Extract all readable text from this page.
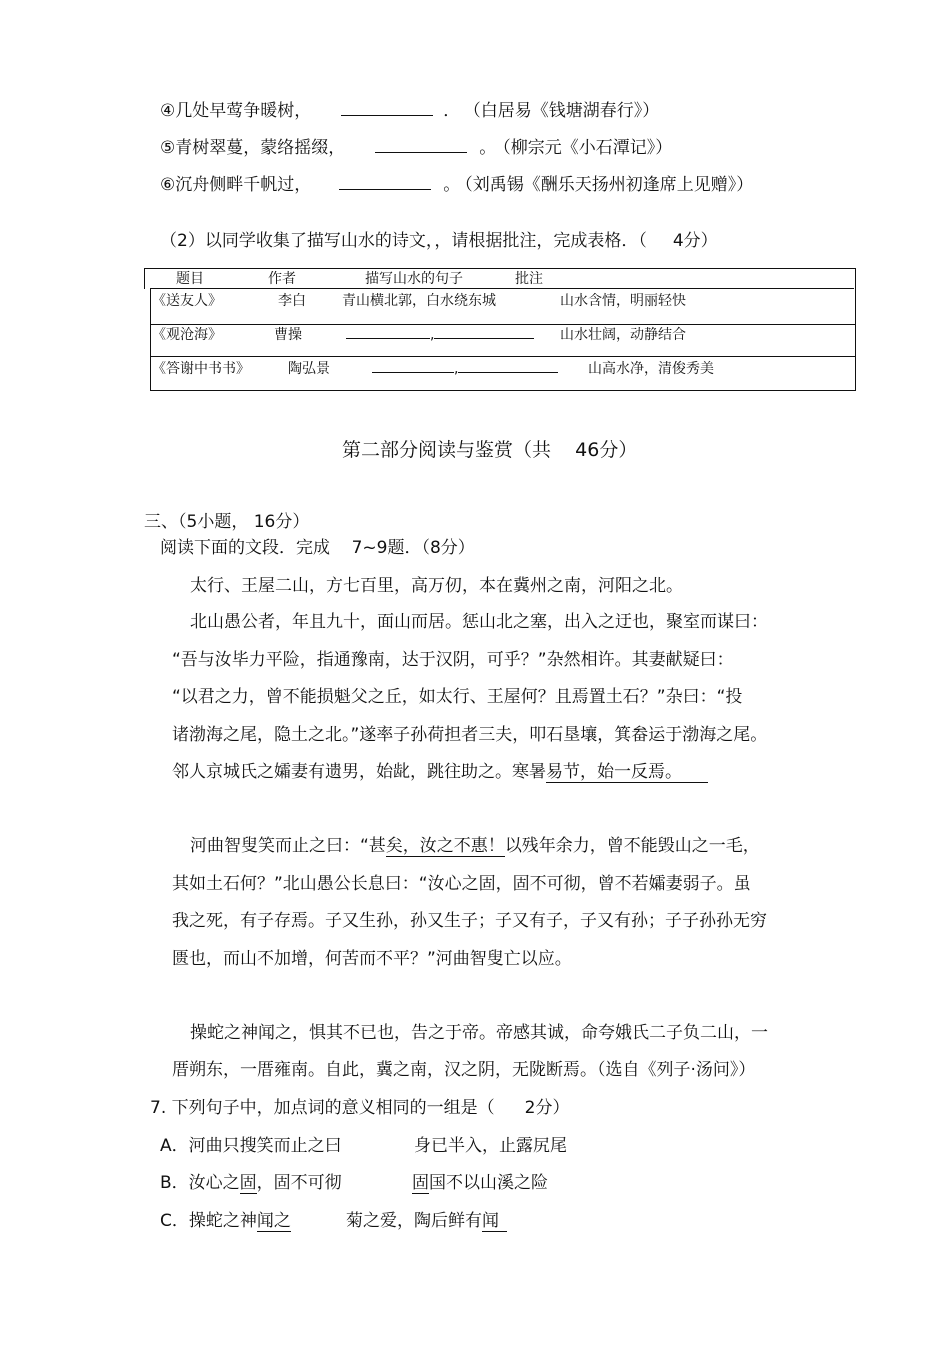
④几处早莺争暖树，	． （白居易《钱塘湖春行》）
⑤青树翠蔓，蒙络摇缀，	。 （柳宗元《小石潭记》）
⑥沉舟侧畔千帆过，	。 （刘禹锡《酬乐天扬州初逢席上见赠》）
（2）以同学收集了描写山水的诗文，，请根据批注，完成表格．（ 4分）
题目	作者	描写山水的句子	批注
《送友人》	李白	青山横北郭，白水绕东城	山水含情，明丽轻快
《观沧海》	曹操	,	山水壮阔，动静结合
《答谢中书书》	陶弘景	,	山高水净，清俊秀美
第二部分阅读与鉴赏（共    46分）
三、（5小题， 16分）
阅读下面的文段．完成    7~9题．（8分）
太行、王屋二山，方七百里，高万仞，本在冀州之南，河阳之北。
北山愚公者，年且九十，面山而居。惩山北之塞，出入之迂也，聚室而谋曰：
“吾与汝毕力平险，指通豫南，达于汉阴，可乎？”杂然相许。其妻献疑曰：
“以君之力，曾不能损魁父之丘，如太行、王屋何？且焉置土石？”杂曰：“投
诸渤海之尾，隐土之北。”遂率子孙荷担者三夫，叩石垦壤，箕畚运于渤海之尾。
邻人京城氏之孀妻有遗男，始龀，跳往助之。寒暑易节，始一反焉。
河曲智叟笑而止之曰：“甚矣，汝之不惠！以残年余力，曾不能毁山之一毛，
其如土石何？”北山愚公长息曰：“汝心之固，固不可彻，曾不若孀妻弱子。虽
我之死，有子存焉。子又生孙，孙又生子；子又有子，子又有孙；子子孙孙无穷
匮也，而山不加增，何苦而不平？”河曲智叟亡以应。
操蛇之神闻之，惧其不已也，告之于帝。帝感其诚，命夸娥氏二子负二山，一
厝朔东，一厝雍南。自此，冀之南，汉之阴，无陇断焉。（选自《列子·汤问》）
7. 下列句子中，加点词的意义相同的一组是（ 2分）
A．河曲只搜笑而止之曰	身已半入，止露尻尾
B．汝心之固，固不可彻	固国不以山溪之险
C．操蛇之神闻之	菊之爱，陶后鲜有闻
